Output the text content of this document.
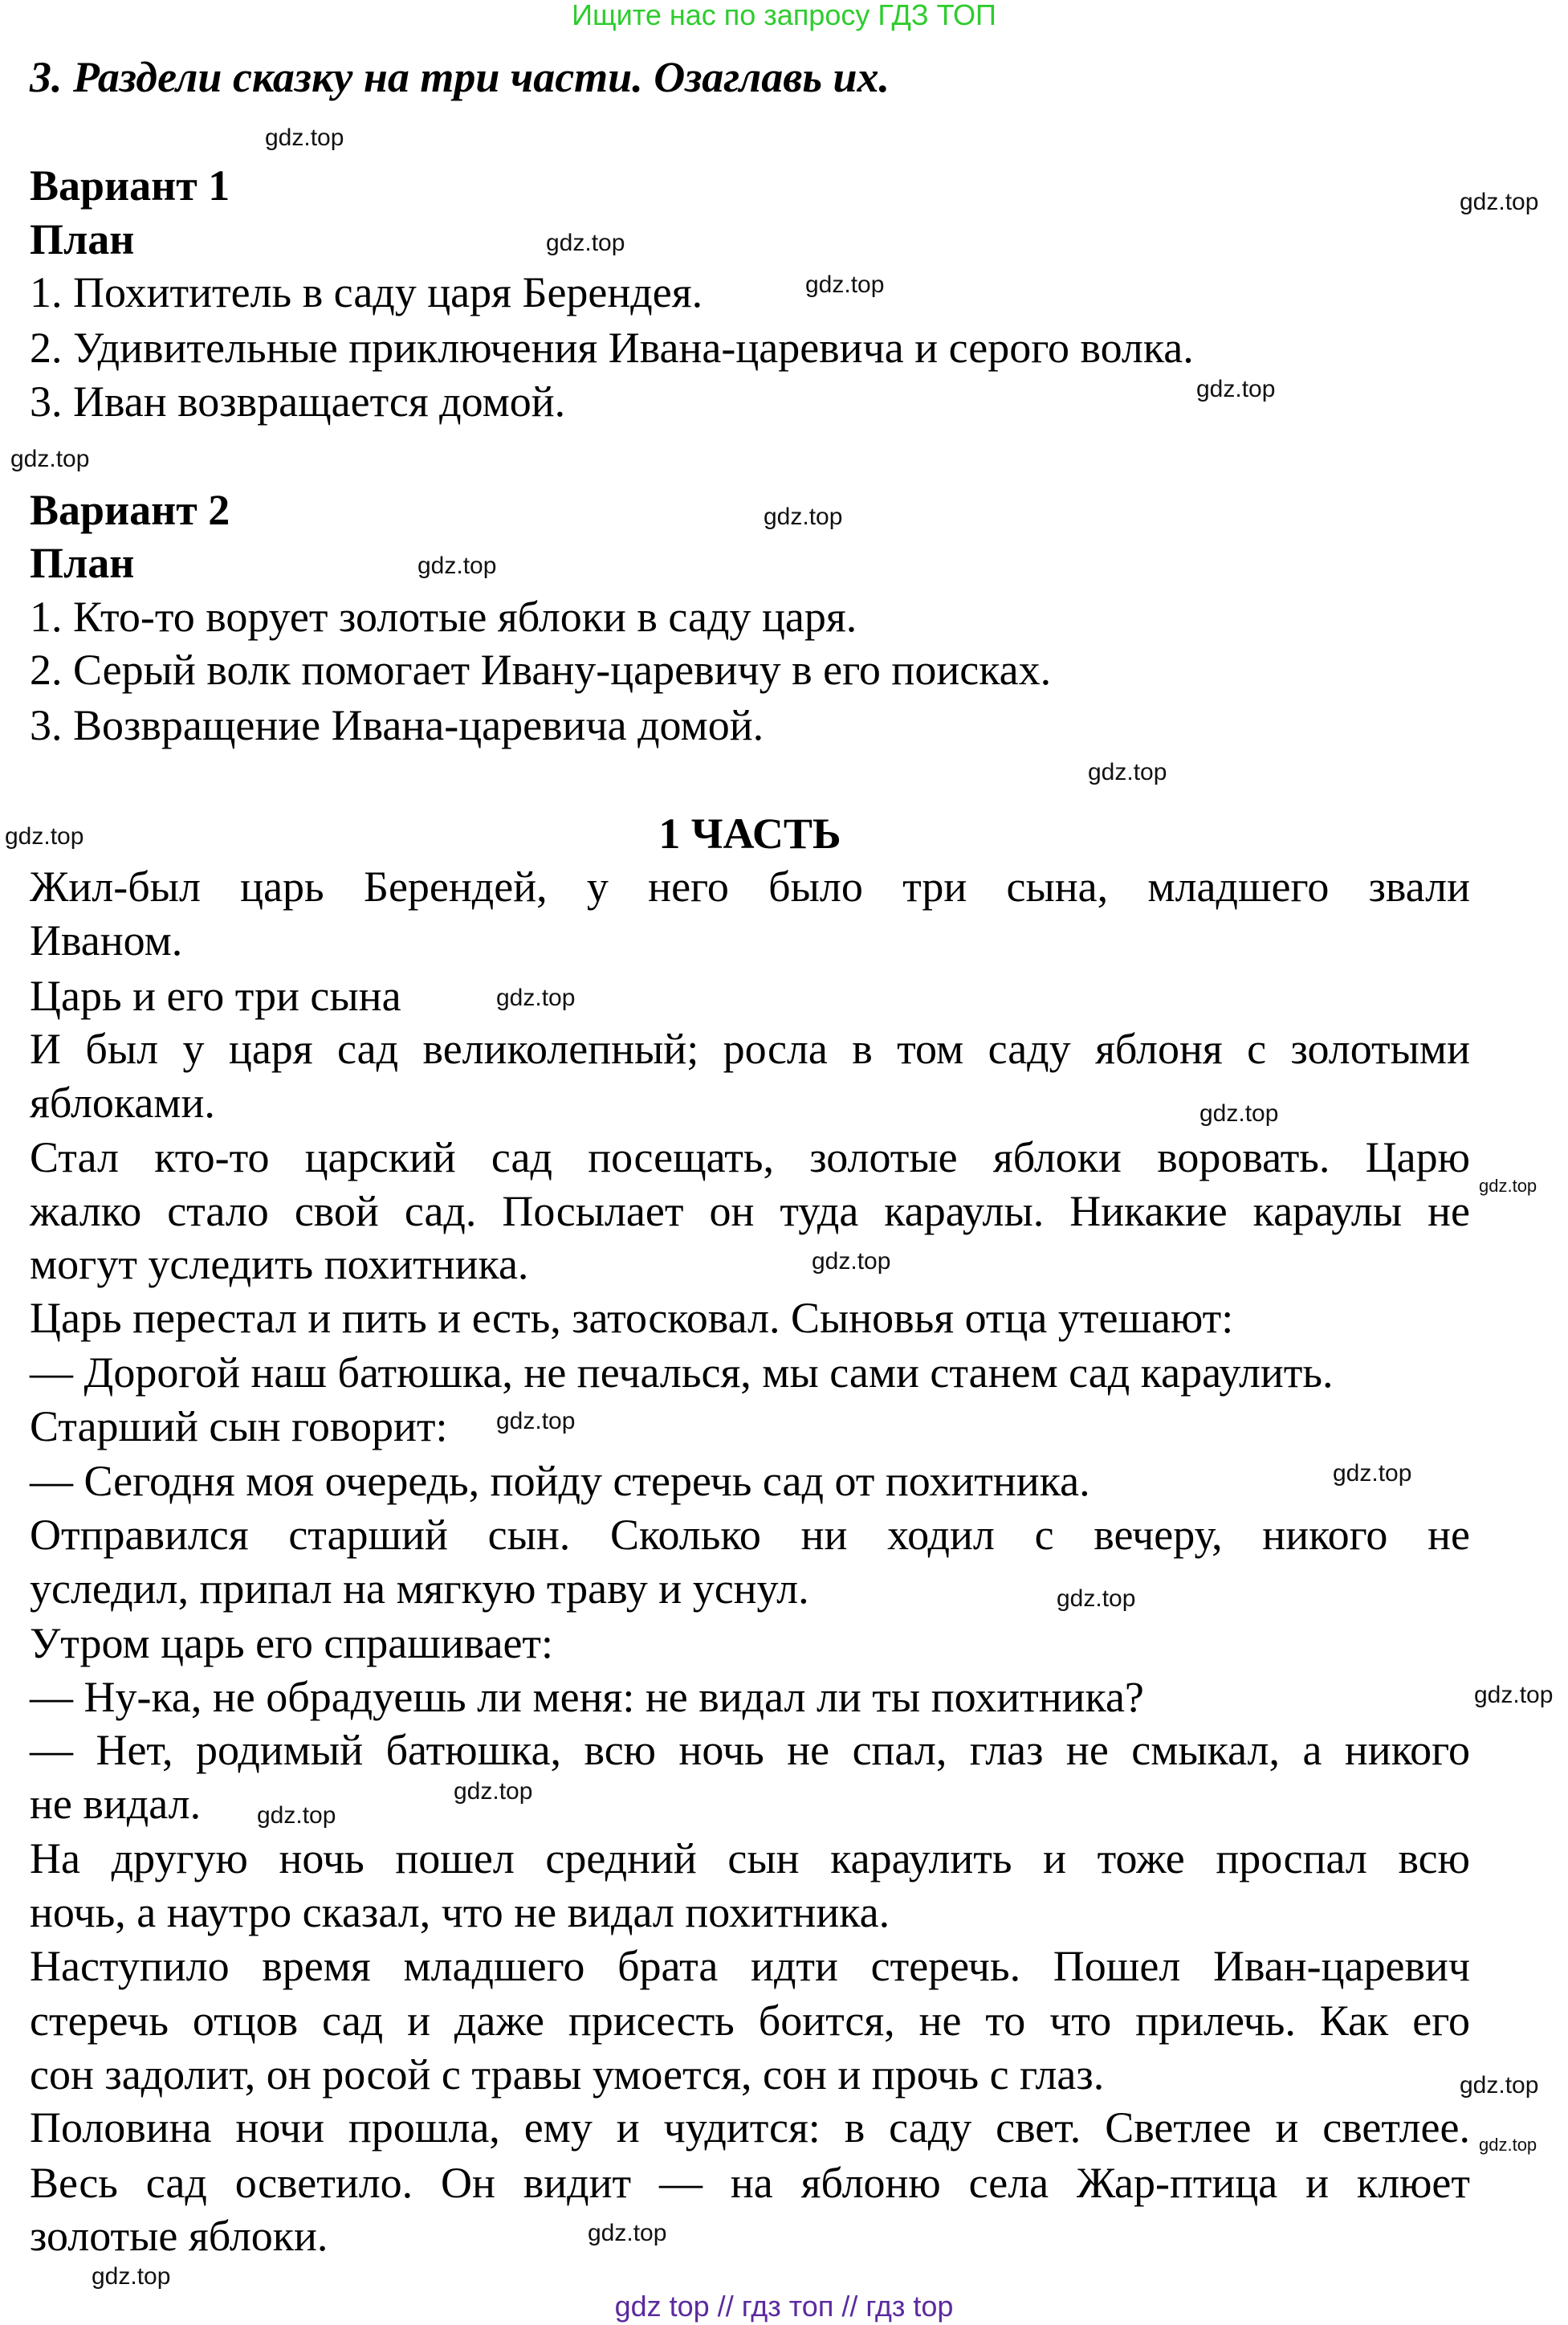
Ищите нас по запросу ГДЗ ТОП
3. Раздели сказку на три части. Озаглавь их.
Вариант 1
План
1. Похититель в саду царя Берендея.
2. Удивительные приключения Ивана-царевича и серого волка.
3. Иван возвращается домой.
Вариант 2
План
1. Кто-то ворует золотые яблоки в саду царя.
2. Серый волк помогает Ивану-царевичу в его поисках.
3. Возвращение Ивана-царевича домой.
1 ЧАСТЬ
Жил-был царь Берендей, у него было три сына, младшего звали
Иваном.
Царь и его три сына
И был у царя сад великолепный; росла в том саду яблоня с золотыми
яблоками.
Стал кто-то царский сад посещать, золотые яблоки воровать. Царю
жалко стало свой сад. Посылает он туда караулы. Никакие караулы не
могут уследить похитника.
Царь перестал и пить и есть, затосковал. Сыновья отца утешают:
— Дорогой наш батюшка, не печалься, мы сами станем сад караулить.
Старший сын говорит:
— Сегодня моя очередь, пойду стеречь сад от похитника.
Отправился старший сын. Сколько ни ходил с вечеру, никого не
уследил, припал на мягкую траву и уснул.
Утром царь его спрашивает:
— Ну-ка, не обрадуешь ли меня: не видал ли ты похитника?
— Нет, родимый батюшка, всю ночь не спал, глаз не смыкал, а никого
не видал.
На другую ночь пошел средний сын караулить и тоже проспал всю
ночь, а наутро сказал, что не видал похитника.
Наступило время младшего брата идти стеречь. Пошел Иван-царевич
стеречь отцов сад и даже присесть боится, не то что прилечь. Как его
сон задолит, он росой с травы умоется, сон и прочь с глаз.
Половина ночи прошла, ему и чудится: в саду свет. Светлее и светлее.
Весь сад осветило. Он видит — на яблоню села Жар-птица и клюет
золотые яблоки.
gdz.top
gdz.top
gdz.top
gdz.top
gdz.top
gdz.top
gdz.top
gdz.top
gdz.top
gdz.top
gdz.top
gdz.top
gdz.top
gdz.top
gdz.top
gdz.top
gdz.top
gdz.top
gdz.top
gdz.top
gdz.top
gdz.top
gdz.top
gdz.top
gdz top // гдз топ // гдз top
